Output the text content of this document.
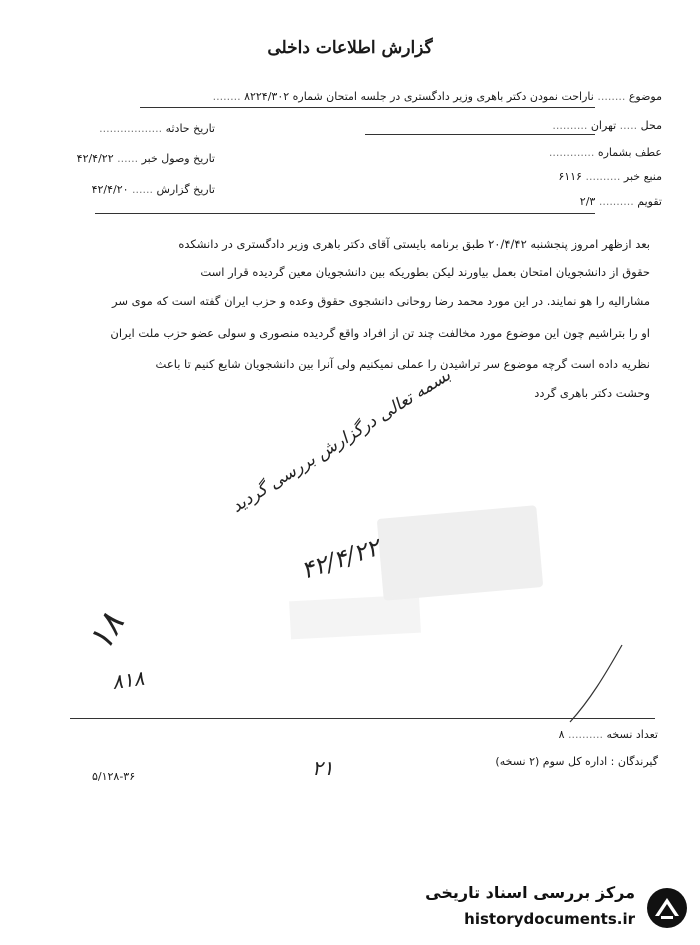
گزارش اطلاعات داخلی
موضوع ........ ناراحت نمودن دکتر باهری وزیر دادگستری در جلسه امتحان شماره ۸۲۲۴/۳۰۲ ........
محل ..... تهران ..........
تاریخ حادثه ..................
عطف بشماره .............
تاریخ وصول خبر ...... ۴۲/۴/۲۲
منبع خبر .......... ۶۱۱۶
تاریخ گزارش ...... ۴۲/۴/۲۰
تقویم .......... ۲/۳
بعد ازظهر امروز پنجشنبه ۲۰/۴/۴۲ طبق برنامه بایستی آقای دکتر باهری وزیر دادگستری در دانشکده
حقوق از دانشجویان امتحان بعمل بیاورند لیکن بطوریکه بین دانشجویان معین گردیده قرار است
مشارالیه را هو نمایند. در این مورد محمد رضا روحانی دانشجوی حقوق وعده و حزب ایران گفته است که موی سر
او را بتراشیم چون این موضوع مورد مخالفت چند تن از افراد واقع گردیده منصوری و سولی عضو حزب ملت ایران
نظریه داده است گرچه موضوع سر تراشیدن را عملی نمیکنیم ولی آنرا بین دانشجویان شایع کنیم تا باعث
وحشت دکتر باهری گردد
بسمه تعالی درگزارش بررسی گردید
۴۲/۴/۲۲
۱۸
۸۱۸
۲۱
تعداد نسخه .......... ۸
گیرندگان : اداره کل سوم (۲ نسخه)
۵/۱۲۸-۳۶
مرکز بررسی اسناد تاریخی
historydocuments.ir
